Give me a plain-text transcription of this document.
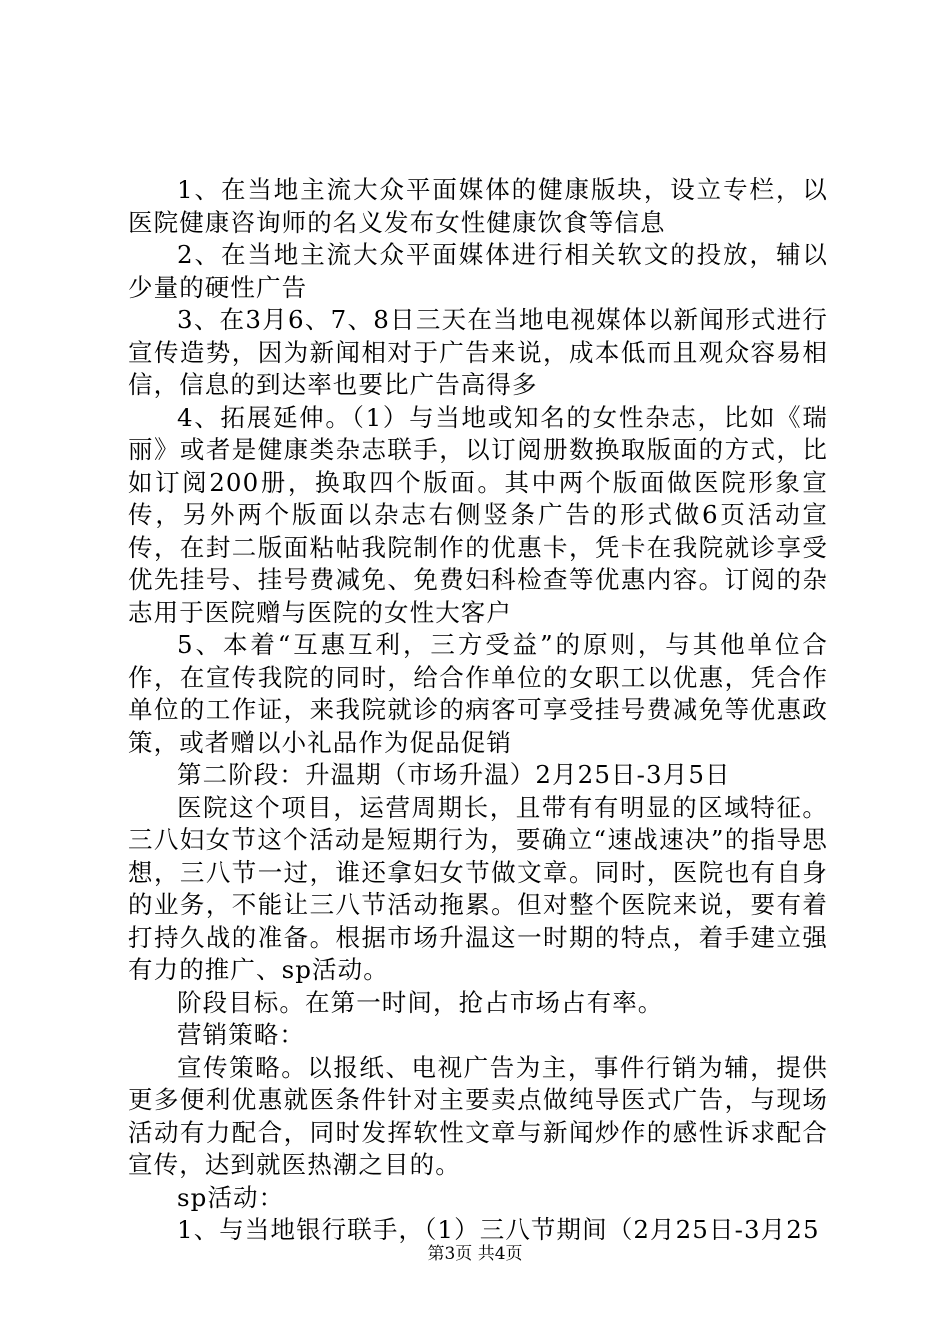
1、在当地主流大众平面媒体的健康版块，设立专栏，以医院健康咨询师的名义发布女性健康饮食等信息

2、在当地主流大众平面媒体进行相关软文的投放，辅以少量的硬性广告

3、在3月6、7、8日三天在当地电视媒体以新闻形式进行宣传造势，因为新闻相对于广告来说，成本低而且观众容易相信，信息的到达率也要比广告高得多

4、拓展延伸。（1）与当地或知名的女性杂志，比如《瑞丽》或者是健康类杂志联手，以订阅册数换取版面的方式，比如订阅200册，换取四个版面。其中两个版面做医院形象宣传，另外两个版面以杂志右侧竖条广告的形式做6页活动宣传，在封二版面粘帖我院制作的优惠卡，凭卡在我院就诊享受优先挂号、挂号费减免、免费妇科检查等优惠内容。订阅的杂志用于医院赠与医院的女性大客户

5、本着“互惠互利，三方受益”的原则，与其他单位合作，在宣传我院的同时，给合作单位的女职工以优惠，凭合作单位的工作证，来我院就诊的病客可享受挂号费减免等优惠政策，或者赠以小礼品作为促品促销

第二阶段：升温期（市场升温）2月25日-3月5日

医院这个项目，运营周期长，且带有有明显的区域特征。三八妇女节这个活动是短期行为，要确立“速战速决”的指导思想，三八节一过，谁还拿妇女节做文章。同时，医院也有自身的业务，不能让三八节活动拖累。但对整个医院来说，要有着打持久战的准备。根据市场升温这一时期的特点，着手建立强有力的推广、sp活动。

阶段目标。在第一时间，抢占市场占有率。

营销策略：

宣传策略。以报纸、电视广告为主，事件行销为辅，提供更多便利优惠就医条件针对主要卖点做纯导医式广告，与现场活动有力配合，同时发挥软性文章与新闻炒作的感性诉求配合宣传，达到就医热潮之目的。

sp活动：

1、与当地银行联手，（1）三八节期间（2月25日-3月25

第3页 共4页
